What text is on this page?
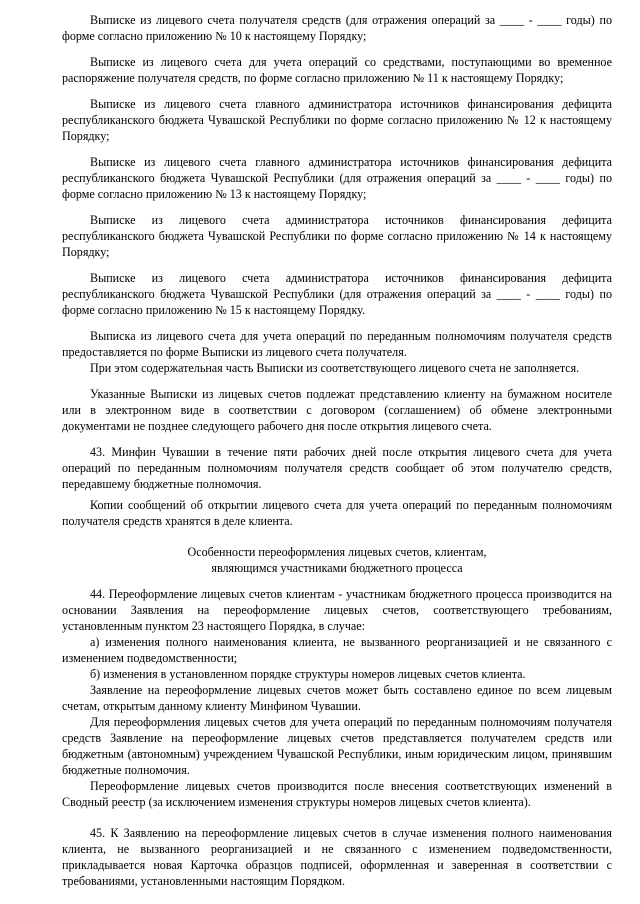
Выписке из лицевого счета получателя средств (для отражения операций за ____ - ____ годы) по форме согласно приложению № 10 к настоящему Порядку;

Выписке из лицевого счета для учета операций со средствами, поступающими во временное распоряжение получателя средств, по форме согласно приложению № 11 к настоящему Порядку;

Выписке из лицевого счета главного администратора источников финансирования дефицита республиканского бюджета Чувашской Республики по форме согласно приложению № 12 к настоящему Порядку;

Выписке из лицевого счета главного администратора источников финансирования дефицита республиканского бюджета Чувашской Республики (для отражения операций за ____ - ____ годы) по форме согласно приложению № 13 к настоящему Порядку;

Выписке из лицевого счета администратора источников финансирования дефицита республиканского бюджета Чувашской Республики по форме согласно приложению № 14 к настоящему Порядку;

Выписке из лицевого счета администратора источников финансирования дефицита республиканского бюджета Чувашской Республики (для отражения операций за ____ - ____ годы) по форме согласно приложению № 15 к настоящему Порядку.

Выписка из лицевого счета для учета операций по переданным полномочиям получателя средств предоставляется по форме Выписки из лицевого счета получателя.

При этом содержательная часть Выписки из соответствующего лицевого счета не заполняется.

Указанные Выписки из лицевых счетов подлежат представлению клиенту на бумажном носителе или в электронном виде в соответствии с договором (соглашением) об обмене электронными документами не позднее следующего рабочего дня после открытия лицевого счета.

43. Минфин Чувашии в течение пяти рабочих дней после открытия лицевого счета для учета операций по переданным полномочиям получателя средств сообщает об этом получателю средств, передавшему бюджетные полномочия.

Копии сообщений об открытии лицевого счета для учета операций по переданным полномочиям получателя средств хранятся в деле клиента.

Особенности переоформления лицевых счетов, клиентам,

являющимся участниками бюджетного процесса

44. Переоформление лицевых счетов клиентам - участникам бюджетного процесса производится на основании Заявления на переоформление лицевых счетов, соответствующего требованиям, установленным пунктом 23 настоящего Порядка, в случае:

а) изменения полного наименования клиента, не вызванного реорганизацией и не связанного с изменением подведомственности;

б) изменения в установленном порядке структуры номеров лицевых счетов клиента.

Заявление на переоформление лицевых счетов может быть составлено единое по всем лицевым счетам, открытым данному клиенту Минфином Чувашии.

Для переоформления лицевых счетов для учета операций по переданным полномочиям получателя средств Заявление на переоформление лицевых счетов представляется получателем средств или бюджетным (автономным) учреждением Чувашской Республики, иным юридическим лицом, принявшим бюджетные полномочия.

Переоформление лицевых счетов производится после внесения соответствующих изменений в Сводный реестр (за исключением изменения структуры номеров лицевых счетов клиента).

45. К Заявлению на переоформление лицевых счетов в случае изменения полного наименования клиента, не вызванного реорганизацией и не связанного с изменением подведомственности, прикладывается новая Карточка образцов подписей, оформленная и заверенная в соответствии с требованиями, установленными настоящим Порядком.
